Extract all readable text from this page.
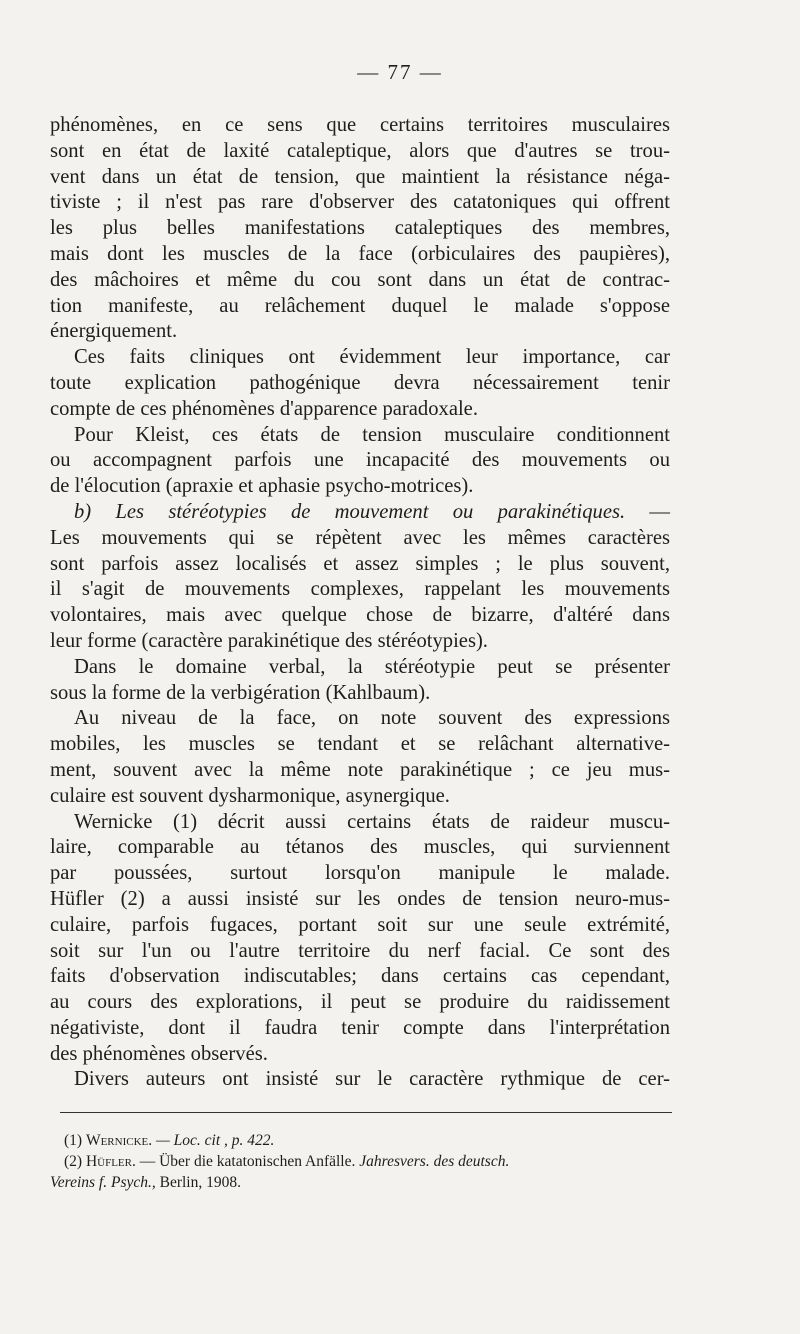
— 77 —
phénomènes, en ce sens que certains territoires musculaires
sont en état de laxité cataleptique, alors que d'autres se trou-
vent dans un état de tension, que maintient la résistance néga-
tiviste ; il n'est pas rare d'observer des catatoniques qui offrent
les plus belles manifestations cataleptiques des membres,
mais dont les muscles de la face (orbiculaires des paupières),
des mâchoires et même du cou sont dans un état de contrac-
tion manifeste, au relâchement duquel le malade s'oppose
énergiquement.
Ces faits cliniques ont évidemment leur importance, car
toute explication pathogénique devra nécessairement tenir
compte de ces phénomènes d'apparence paradoxale.
Pour Kleist, ces états de tension musculaire conditionnent
ou accompagnent parfois une incapacité des mouvements ou
de l'élocution (apraxie et aphasie psycho-motrices).
b) Les stéréotypies de mouvement ou parakinétiques. —
Les mouvements qui se répètent avec les mêmes caractères
sont parfois assez localisés et assez simples ; le plus souvent,
il s'agit de mouvements complexes, rappelant les mouvements
volontaires, mais avec quelque chose de bizarre, d'altéré dans
leur forme (caractère parakinétique des stéréotypies).
Dans le domaine verbal, la stéréotypie peut se présenter
sous la forme de la verbigération (Kahlbaum).
Au niveau de la face, on note souvent des expressions
mobiles, les muscles se tendant et se relâchant alternative-
ment, souvent avec la même note parakinétique ; ce jeu mus-
culaire est souvent dysharmonique, asynergique.
Wernicke (1) décrit aussi certains états de raideur muscu-
laire, comparable au tétanos des muscles, qui surviennent
par poussées, surtout lorsqu'on manipule le malade.
Hüfler (2) a aussi insisté sur les ondes de tension neuro-mus-
culaire, parfois fugaces, portant soit sur une seule extrémité,
soit sur l'un ou l'autre territoire du nerf facial. Ce sont des
faits d'observation indiscutables; dans certains cas cependant,
au cours des explorations, il peut se produire du raidissement
négativiste, dont il faudra tenir compte dans l'interprétation
des phénomènes observés.
Divers auteurs ont insisté sur le caractère rythmique de cer-
(1) Wernicke. — Loc. cit , p. 422.
(2) Hüfler. — Über die katatonischen Anfälle. Jahresvers. des deutsch.
Vereins f. Psych., Berlin, 1908.
